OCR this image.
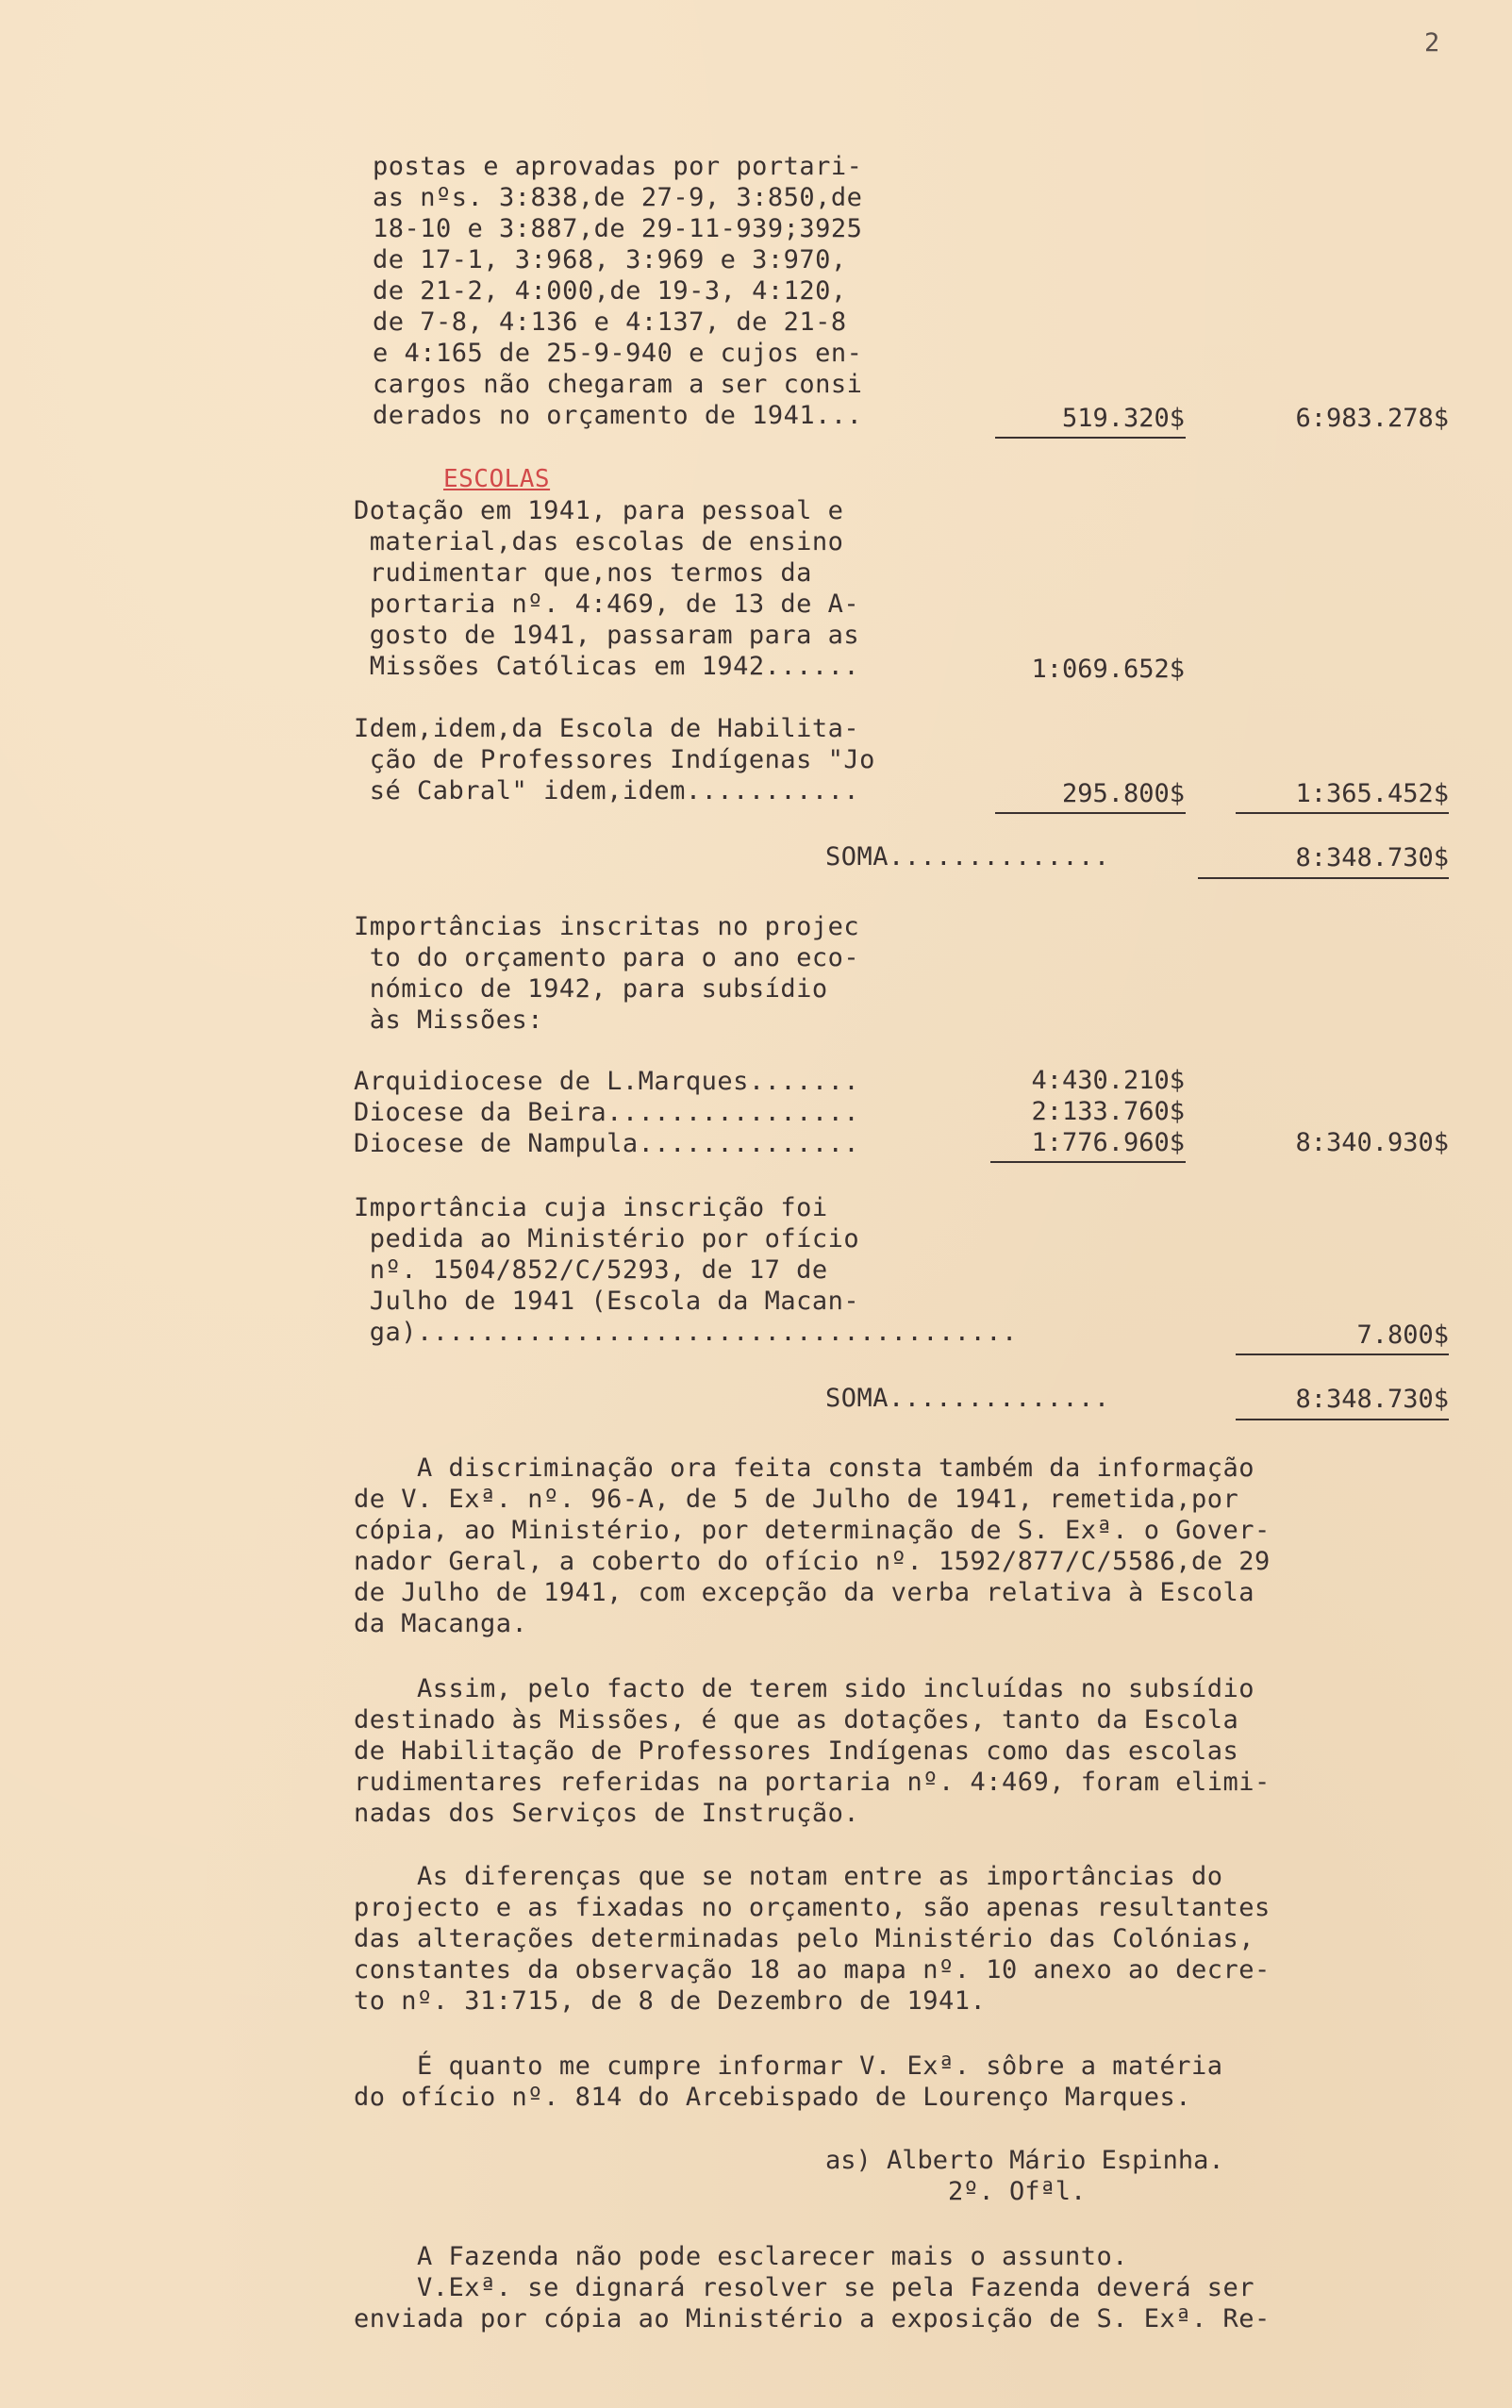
2
postas e aprovadas por portari-
as nºs. 3:838,de 27-9, 3:850,de
18-10 e 3:887,de 29-11-939;3925
de 17-1, 3:968, 3:969 e 3:970,
de 21-2, 4:000,de 19-3, 4:120,
de 7-8, 4:136 e 4:137, de 21-8
e 4:165 de 25-9-940 e cujos en-
cargos não chegaram a ser consi
derados no orçamento de 1941...	519.320$	6:983.278$
ESCOLAS
Dotação em 1941, para pessoal e
material,das escolas de ensino
rudimentar que,nos termos da
portaria nº. 4:469, de 13 de A-
gosto de 1941, passaram para as
Missões Católicas em 1942......	1:069.652$
Idem,idem,da Escola de Habilita-
ção de Professores Indígenas "Jo
sé Cabral" idem,idem...........	295.800$	1:365.452$
SOMA..............	8:348.730$
Importâncias inscritas no projec
to do orçamento para o ano eco-
nómico de 1942, para subsídio
às Missões:
Arquidiocese de L.Marques.......	4:430.210$
Diocese da Beira................	2:133.760$
Diocese de Nampula..............	1:776.960$	8:340.930$
Importância cuja inscrição foi
pedida ao Ministério por ofício
nº. 1504/852/C/5293, de 17 de
Julho de 1941 (Escola da Macan-
ga)......................................	7.800$
SOMA..............	8:348.730$
A discriminação ora feita consta também da informação
de V. Exª. nº. 96-A, de 5 de Julho de 1941, remetida,por
cópia, ao Ministério, por determinação de S. Exª. o Gover-
nador Geral, a coberto do ofício nº. 1592/877/C/5586,de 29
de Julho de 1941, com excepção da verba relativa à Escola
da Macanga.
Assim, pelo facto de terem sido incluídas no subsídio
destinado às Missões, é que as dotações, tanto da Escola
de Habilitação de Professores Indígenas como das escolas
rudimentares referidas na portaria nº. 4:469, foram elimi-
nadas dos Serviços de Instrução.
As diferenças que se notam entre as importâncias do
projecto e as fixadas no orçamento, são apenas resultantes
das alterações determinadas pelo Ministério das Colónias,
constantes da observação 18 ao mapa nº. 10 anexo ao decre-
to nº. 31:715, de 8 de Dezembro de 1941.
É quanto me cumpre informar V. Exª. sôbre a matéria
do ofício nº. 814 do Arcebispado de Lourenço Marques.
as) Alberto Mário Espinha.
2º. Ofªl.
A Fazenda não pode esclarecer mais o assunto.
V.Exª. se dignará resolver se pela Fazenda deverá ser
enviada por cópia ao Ministério a exposição de S. Exª. Re-
